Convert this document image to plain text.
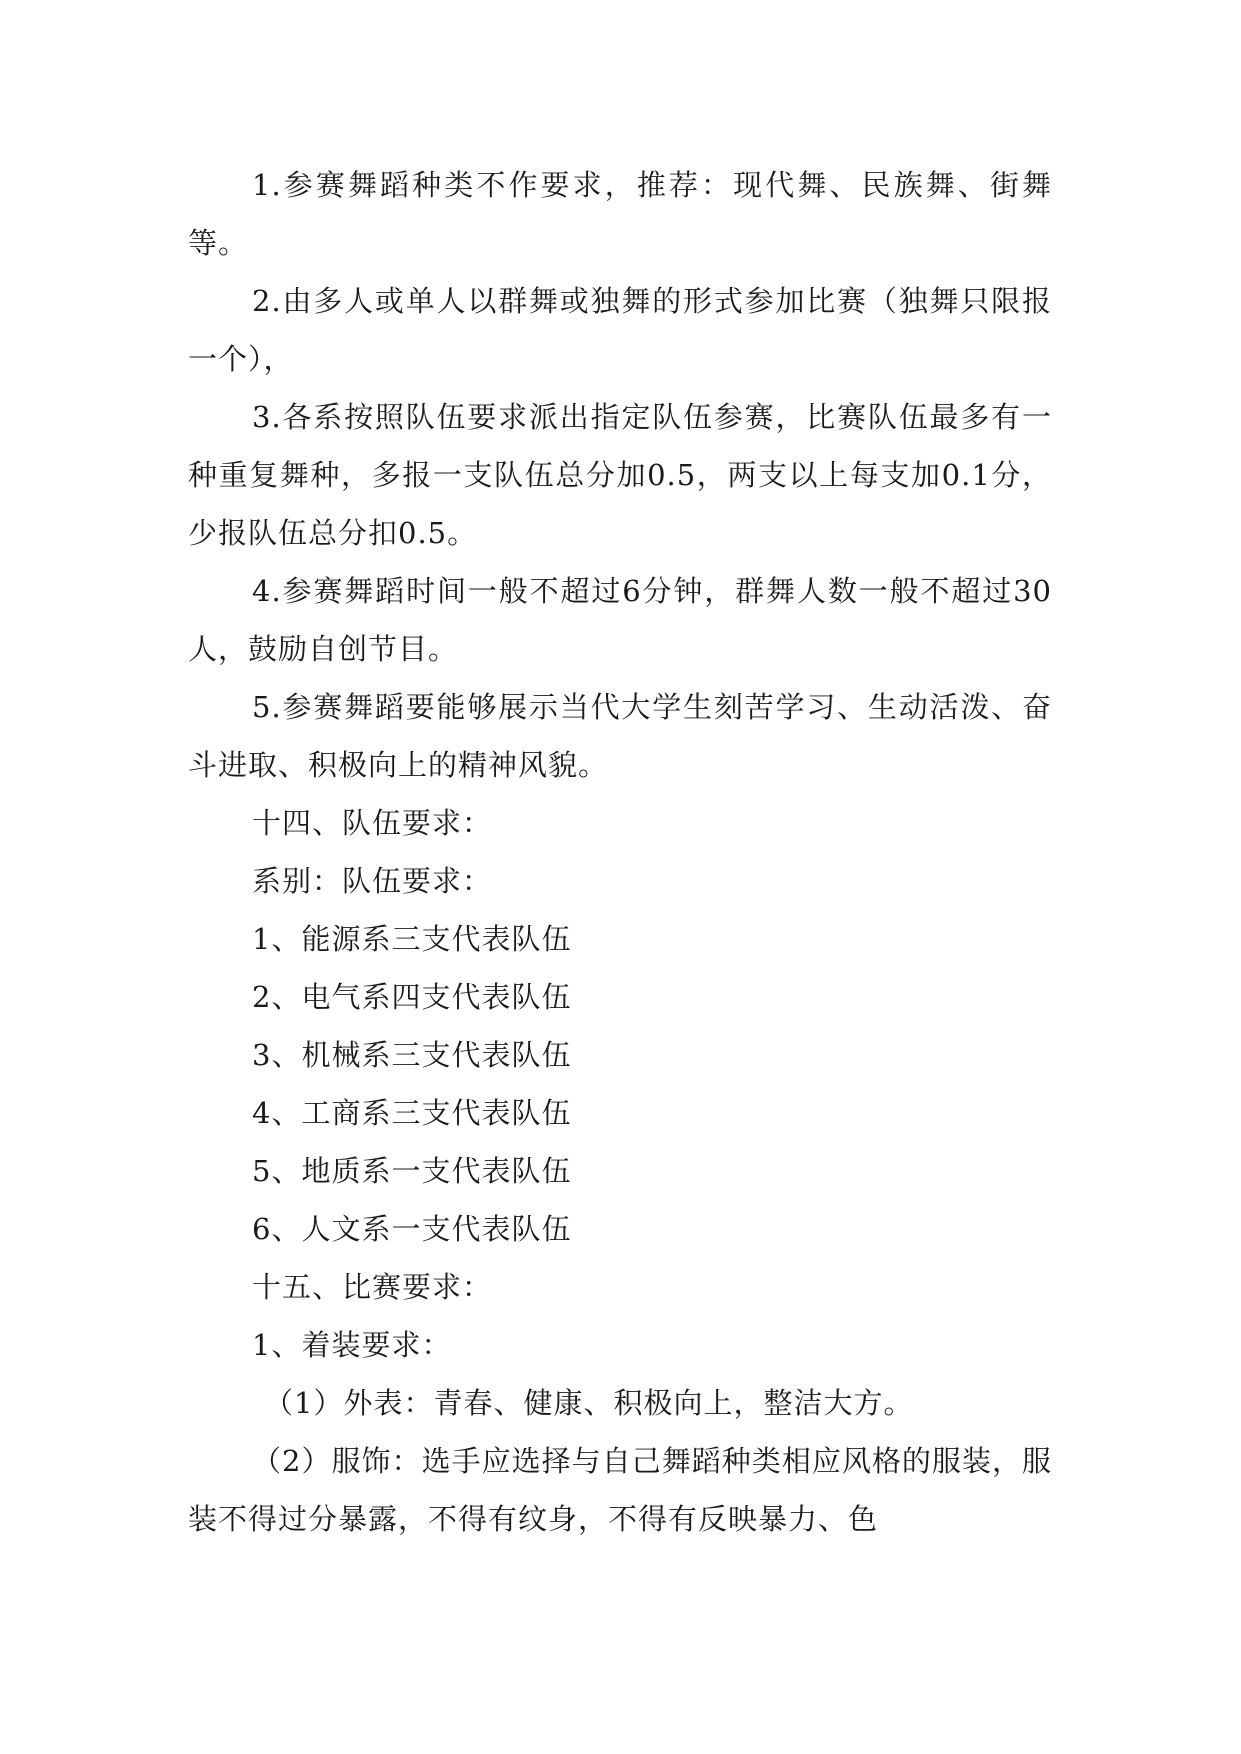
1.参赛舞蹈种类不作要求，推荐：现代舞、民族舞、街舞等。

2.由多人或单人以群舞或独舞的形式参加比赛（独舞只限报一个），

3.各系按照队伍要求派出指定队伍参赛，比赛队伍最多有一种重复舞种，多报一支队伍总分加0.5，两支以上每支加0.1分，少报队伍总分扣0.5。

4.参赛舞蹈时间一般不超过6分钟，群舞人数一般不超过30人，鼓励自创节目。

5.参赛舞蹈要能够展示当代大学生刻苦学习、生动活泼、奋斗进取、积极向上的精神风貌。

十四、队伍要求：

系别：队伍要求：

1、能源系三支代表队伍

2、电气系四支代表队伍

3、机械系三支代表队伍

4、工商系三支代表队伍

5、地质系一支代表队伍

6、人文系一支代表队伍

十五、比赛要求：

1、着装要求：

（1）外表：青春、健康、积极向上，整洁大方。

（2）服饰：选手应选择与自己舞蹈种类相应风格的服装，服装不得过分暴露，不得有纹身，不得有反映暴力、色
